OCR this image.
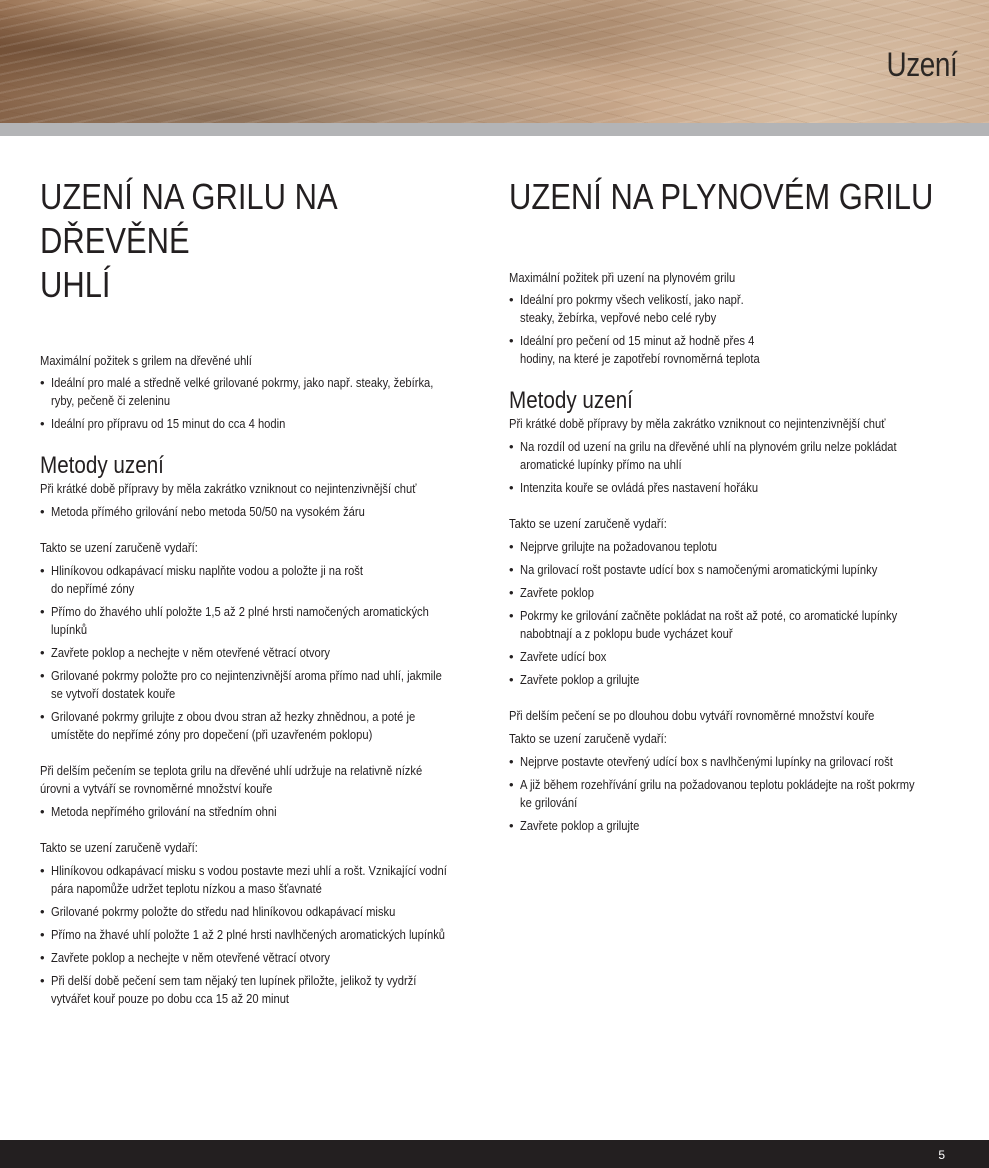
Uzení
UZENÍ NA GRILU NA DŘEVĚNÉ
UHLÍ
Maximální požitek s grilem na dřevěné uhlí
• Ideální pro malé a středně velké grilované pokrmy, jako např. steaky, žebírka,
ryby, pečeně či zeleninu
• Ideální pro přípravu od 15 minut do cca 4 hodin
Metody uzení
Při krátké době přípravy by měla zakrátko vzniknout co nejintenzivnější chuť
• Metoda přímého grilování nebo metoda 50/50 na vysokém žáru
Takto se uzení zaručeně vydaří:
• Hliníkovou odkapávací misku naplňte vodou a položte ji na rošt
do nepřímé zóny
• Přímo do žhavého uhlí položte 1,5 až 2 plné hrsti namočených aromatických
lupínků
• Zavřete poklop a nechejte v něm otevřené větrací otvory
• Grilované pokrmy položte pro co nejintenzivnější aroma přímo nad uhlí, jakmile
se vytvoří dostatek kouře
• Grilované pokrmy grilujte z obou dvou stran až hezky zhnědnou, a poté je
umístěte do nepřímé zóny pro dopečení (při uzavřeném poklopu)
Při delším pečením se teplota grilu na dřevěné uhlí udržuje na relativně nízké
úrovni a vytváří se rovnoměrné množství kouře
• Metoda nepřímého grilování na středním ohni
Takto se uzení zaručeně vydaří:
• Hliníkovou odkapávací misku s vodou postavte mezi uhlí a rošt. Vznikající vodní
pára napomůže udržet teplotu nízkou a maso šťavnaté
• Grilované pokrmy položte do středu nad hliníkovou odkapávací misku
• Přímo na žhavé uhlí položte 1 až 2 plné hrsti navlhčených aromatických lupínků
• Zavřete poklop a nechejte v něm otevřené větrací otvory
• Při delší době pečení sem tam nějaký ten lupínek přiložte, jelikož ty vydrží
vytvářet kouř pouze po dobu cca 15 až 20 minut
UZENÍ NA PLYNOVÉM GRILU
Maximální požitek při uzení na plynovém grilu
• Ideální pro pokrmy všech velikostí, jako např.
steaky, žebírka, vepřové nebo celé ryby
• Ideální pro pečení od 15 minut až hodně přes 4
hodiny, na které je zapotřebí rovnoměrná teplota
Metody uzení
Při krátké době přípravy by měla zakrátko vzniknout co nejintenzivnější chuť
• Na rozdíl od uzení na grilu na dřevěné uhlí na plynovém grilu nelze pokládat
aromatické lupínky přímo na uhlí
• Intenzita kouře se ovládá přes nastavení hořáku
Takto se uzení zaručeně vydaří:
• Nejprve grilujte na požadovanou teplotu
• Na grilovací rošt postavte udící box s namočenými aromatickými lupínky
• Zavřete poklop
• Pokrmy ke grilování začněte pokládat na rošt až poté, co aromatické lupínky
nabobtnají a z poklopu bude vycházet kouř
• Zavřete udící box
• Zavřete poklop a grilujte
Při delším pečení se po dlouhou dobu vytváří rovnoměrné množství kouře
Takto se uzení zaručeně vydaří:
• Nejprve postavte otevřený udící box s navlhčenými lupínky na grilovací rošt
• A již během rozehřívání grilu na požadovanou teplotu pokládejte na rošt pokrmy
ke grilování
• Zavřete poklop a grilujte
5
